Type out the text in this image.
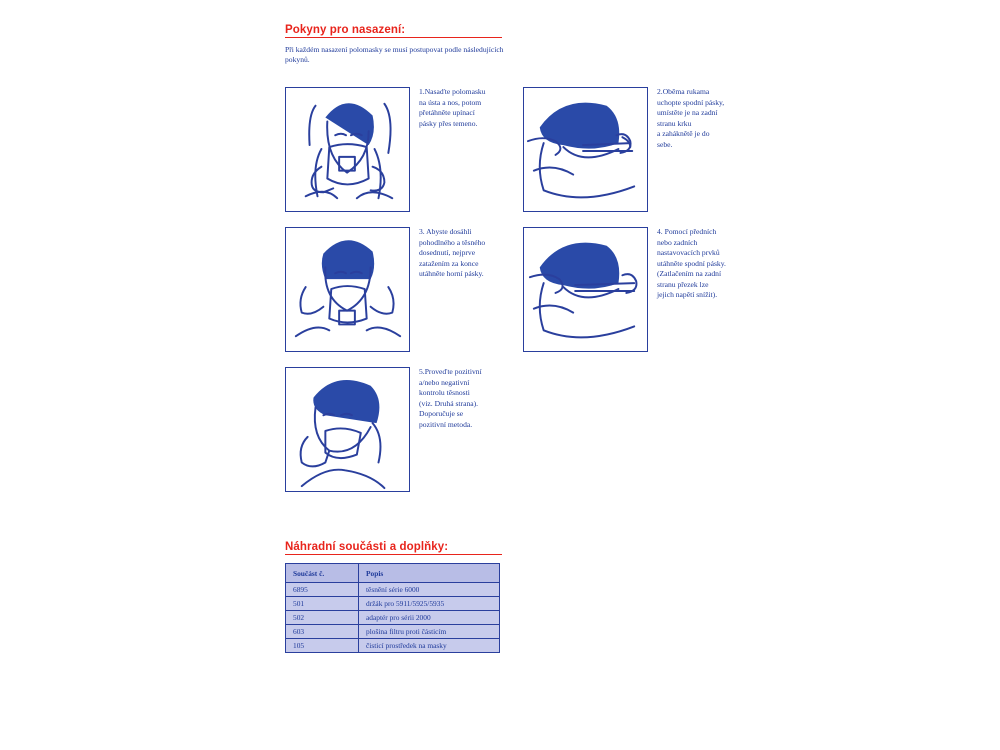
Pokyny pro nasazení:
Při každém nasazení polomasky se musí postupovat podle následujících pokynů.
1.Nasaďte polomasku
na ústa a nos, potom
přetáhněte upínací
pásky přes temeno.
2.Oběma rukama
uchopte spodní pásky,
umístěte je na zadní
stranu krku
a zaháknětě je do
sebe.
3. Abyste dosáhli
pohodlného a těsného
dosednutí, nejprve
zatažením za konce
utáhněte horní pásky.
4. Pomocí předních
nebo zadních
nastavovacích prvků
utáhněte spodní pásky.
(Zatlačením na zadní
stranu přezek lze
jejich napětí snížit).
5.Proveďte pozitivní
a/nebo negativní
kontrolu těsnosti
(viz. Druhá strana).
Doporučuje se
pozitivní metoda.
Náhradní součásti a doplňky:
Součást č.	Popis
6895	těsnění série 6000
501	držák pro 5911/5925/5935
502	adaptér pro sérii 2000
603	plošina filtru proti částicím
105	čisticí prostředek na masky
